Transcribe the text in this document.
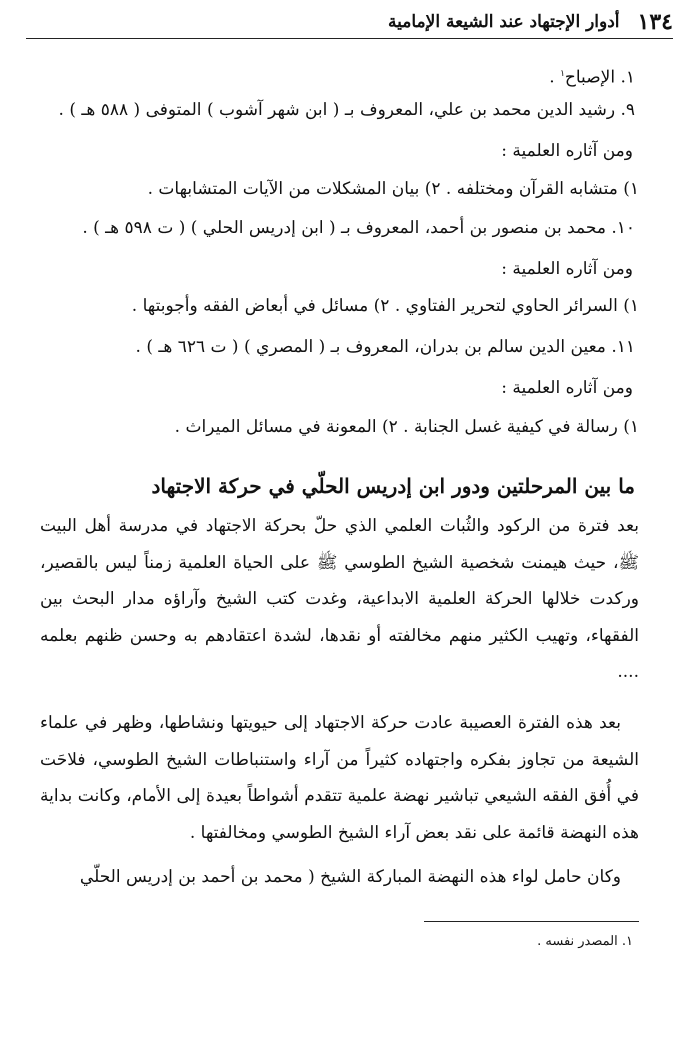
١٣٤
أدوار الإجتهاد عند الشيعة الإمامية
١. الإصباح$^١$ .
٩. رشيد الدين محمد بن علي، المعروف بـ ( ابن شهر آشوب ) المتوفى ( ٥٨٨ هـ ) .
ومن آثاره العلمية :
١) متشابه القرآن ومختلفه . ٢) بيان المشكلات من الآيات المتشابهات .
١٠. محمد بن منصور بن أحمد، المعروف بـ ( ابن إدريس الحلي ) ( ت ٥٩٨ هـ ) .
ومن آثاره العلمية :
١) السرائر الحاوي لتحرير الفتاوي . ٢) مسائل في أبعاض الفقه وأجوبتها .
١١. معين الدين سالم بن بدران، المعروف بـ ( المصري ) ( ت ٦٢٦ هـ ) .
ومن آثاره العلمية :
١) رسالة في كيفية غسل الجنابة . ٢) المعونة في مسائل الميراث .
ما بين المرحلتين ودور ابن إدريس الحلّي في حركة الاجتهاد
بعد فترة من الركود والثُبات العلمي الذي حلّ بحركة الاجتهاد في مدرسة أهل البيت ﷺ، حيث هيمنت شخصية الشيخ الطوسي ﷺ على الحياة العلمية زمناً ليس بالقصير، وركدت خلالها الحركة العلمية الابداعية، وغدت كتب الشيخ وآراؤه مدار البحث بين الفقهاء، وتهيب الكثير منهم مخالفته أو نقدها، لشدة اعتقادهم به وحسن ظنهم بعلمه ....
بعد هذه الفترة العصيبة عادت حركة الاجتهاد إلى حيويتها ونشاطها، وظهر في علماء الشيعة من تجاوز بفكره واجتهاده كثيراً من آراء واستنباطات الشيخ الطوسي، فلاحَت في أُفق الفقه الشيعي تباشير نهضة علمية تتقدم أشواطاً بعيدة إلى الأمام، وكانت بداية هذه النهضة قائمة على نقد بعض آراء الشيخ الطوسي ومخالفتها .
وكان حامل لواء هذه النهضة المباركة الشيخ ( محمد بن أحمد بن إدريس الحلّي
١. المصدر نفسه .
